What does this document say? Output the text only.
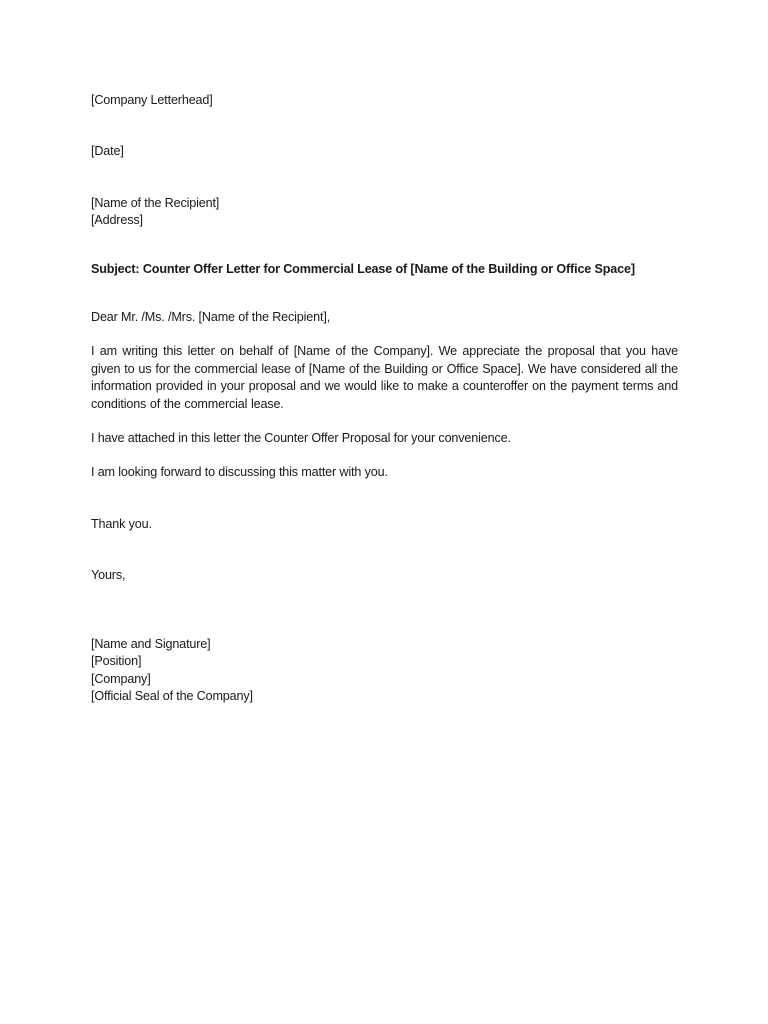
[Company Letterhead]
[Date]
[Name of the Recipient]
[Address]
Subject: Counter Offer Letter for Commercial Lease of [Name of the Building or Office Space]
Dear Mr. /Ms. /Mrs. [Name of the Recipient],

I am writing this letter on behalf of [Name of the Company]. We appreciate the proposal that you have given to us for the commercial lease of [Name of the Building or Office Space]. We have considered all the information provided in your proposal and we would like to make a counteroffer on the payment terms and conditions of the commercial lease.

I have attached in this letter the Counter Offer Proposal for your convenience.
I am looking forward to discussing this matter with you.
Thank you.
Yours,
[Name and Signature]
[Position]
[Company]
[Official Seal of the Company]
